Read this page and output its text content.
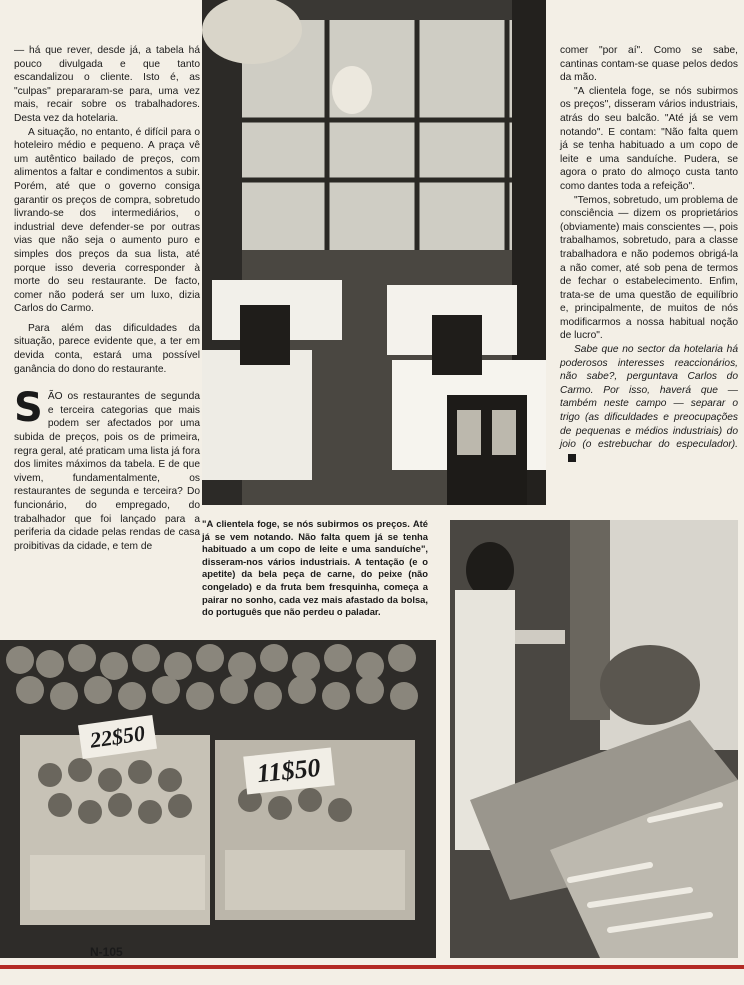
— há que rever, desde já, a tabela há pouco divulgada e que tanto escandalizou o cliente. Isto é, as "culpas" prepararam-se para, uma vez mais, recair sobre os trabalhadores. Desta vez da hotelaria.

A situação, no entanto, é difícil para o hoteleiro médio e pequeno. A praça vê um autêntico bailado de preços, com alimentos a faltar e condimentos a subir. Porém, até que o governo consiga garantir os preços de compra, sobretudo livrando-se dos intermediários, o industrial deve defender-se por outras vias que não seja o aumento puro e simples dos preços da sua lista, até porque isso deveria corresponder à morte do seu restaurante. De facto, comer não poderá ser um luxo, dizia Carlos do Carmo.

Para além das dificuldades da situação, parece evidente que, a ter em devida conta, estará uma possível ganância do dono do restaurante.

SÃO os restaurantes de segunda e terceira categorias que mais podem ser afectados por uma subida de preços, pois os de primeira, regra geral, até praticam uma lista já fora dos limites máximos da tabela. E de que vivem, fundamentalmente, os restaurantes de segunda e terceira? Do funcionário, do empregado, do trabalhador que foi lançado para a periferia da cidade pelas rendas de casa proibitivas da cidade, e tem de

comer "por aí". Como se sabe, cantinas contam-se quase pelos dedos da mão.

"A clientela foge, se nós subirmos os preços", disseram vários industriais, atrás do seu balcão. "Até já se vem notando". E contam: "Não falta quem já se tenha habituado a um copo de leite e uma sanduíche. Pudera, se agora o prato do almoço custa tanto como dantes toda a refeição".

"Temos, sobretudo, um problema de consciência — dizem os proprietários (obviamente) mais conscientes —, pois trabalhamos, sobretudo, para a classe trabalhadora e não podemos obrigá-la a não comer, até sob pena de termos de fechar o estabelecimento. Enfim, trata-se de uma questão de equilíbrio e, principalmente, de muitos de nós modificarmos a nossa habitual noção de lucro".

Sabe que no sector da hotelaria há poderosos interesses reaccionários, não sabe?, perguntava Carlos do Carmo. Por isso, haverá que — também neste campo — separar o trigo (as dificuldades e preocupações de pequenas e médios industriais) do joio (o estrebuchar do especulador).

"A clientela foge, se nós subirmos os preços. Até já se vem notando. Não falta quem já se tenha habituado a um copo de leite e uma sanduíche", disseram-nos vários industriais. A tentação (e o apetite) da bela peça de carne, do peixe (não congelado) e da fruta bem fresquinha, começa a pairar no sonho, cada vez mais afastado da bolsa, do português que não perdeu o paladar.
22$50
11$50
N-105
